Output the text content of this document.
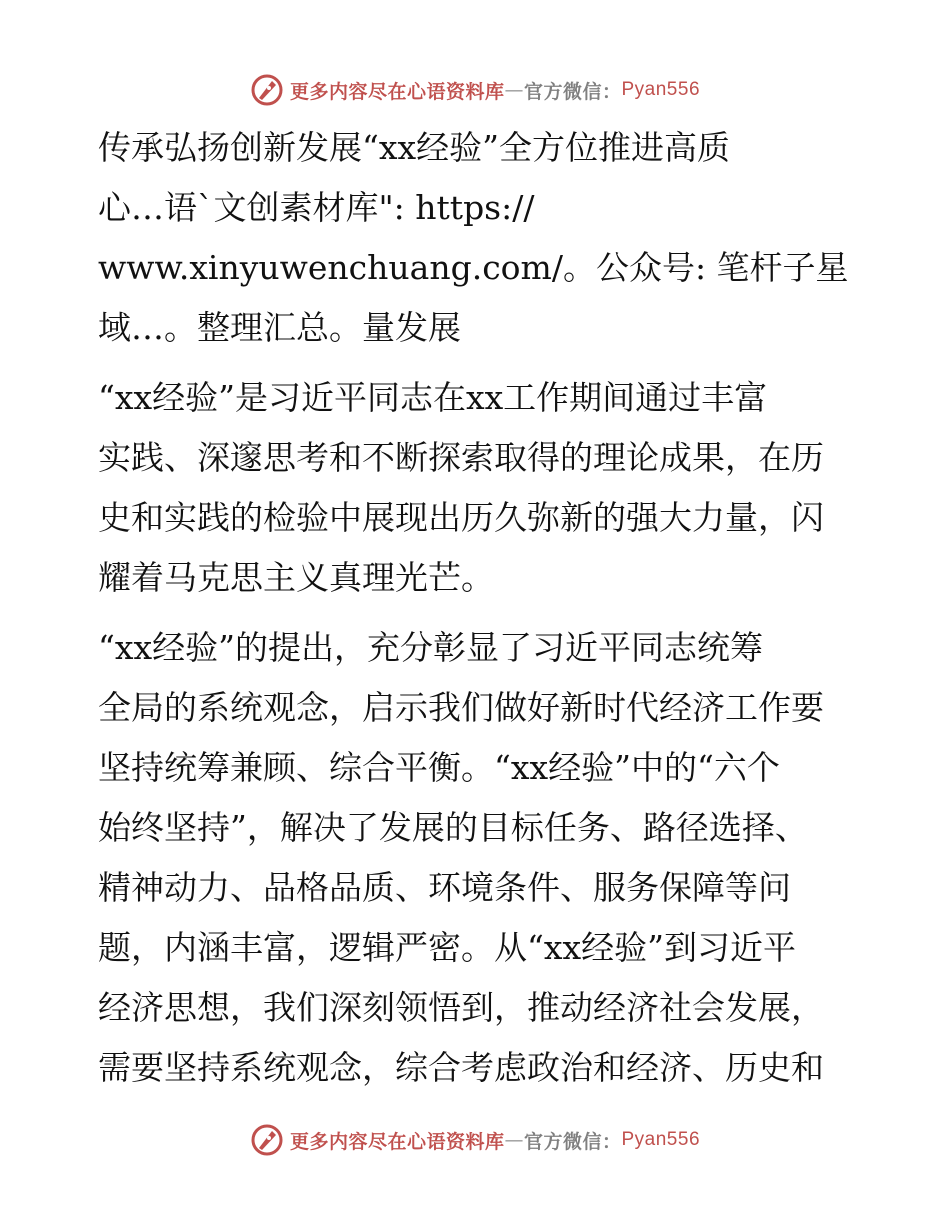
更多内容尽在心语资料库 — 官方微信： Pyan556
传承弘扬创新发展“xx经验”全方位推进高质
心…语`文创素材库": https://
www.xinyuwenchuang.com/。公众号: 笔杆子星
域…。整理汇总。量发展
“xx经验”是习近平同志在xx工作期间通过丰富
实践、深邃思考和不断探索取得的理论成果，在历
史和实践的检验中展现出历久弥新的强大力量，闪
耀着马克思主义真理光芒。
“xx经验”的提出，充分彰显了习近平同志统筹
全局的系统观念，启示我们做好新时代经济工作要
坚持统筹兼顾、综合平衡。“xx经验”中的“六个
始终坚持”，解决了发展的目标任务、路径选择、
精神动力、品格品质、环境条件、服务保障等问
题，内涵丰富，逻辑严密。从“xx经验”到习近平
经济思想，我们深刻领悟到，推动经济社会发展，
需要坚持系统观念，综合考虑政治和经济、历史和
更多内容尽在心语资料库 — 官方微信： Pyan556
